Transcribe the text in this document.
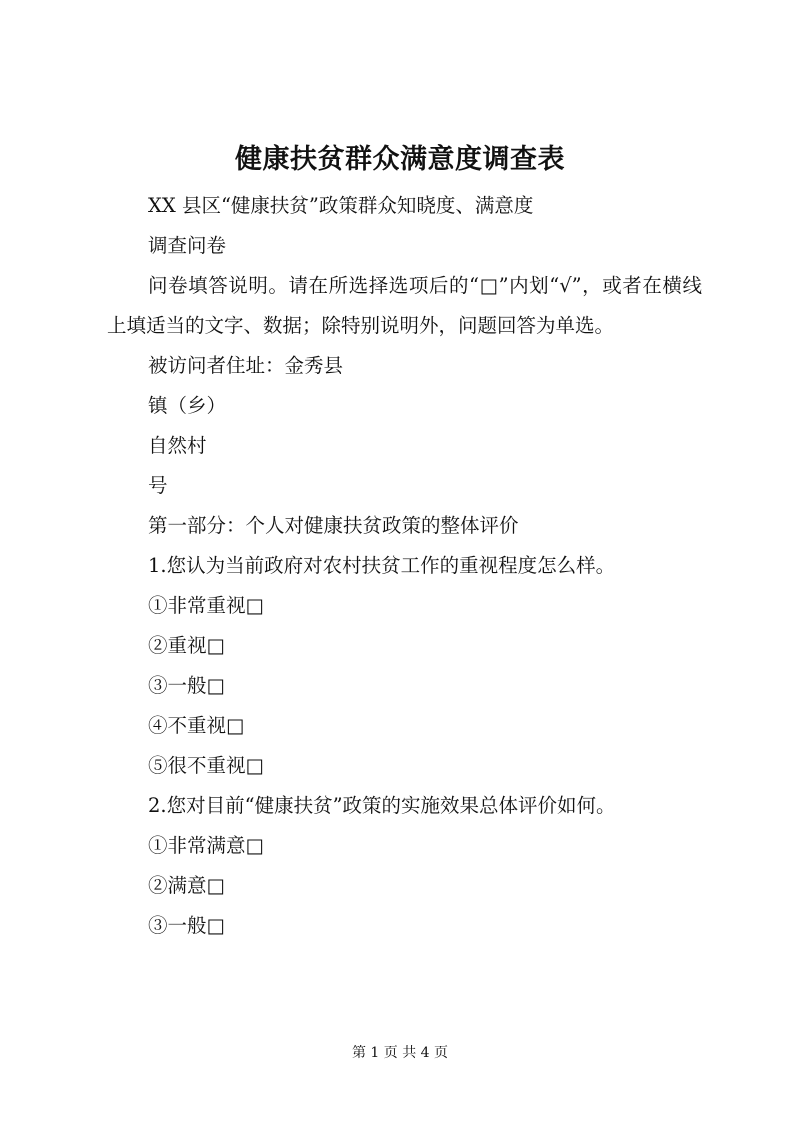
健康扶贫群众满意度调查表
XX 县区“健康扶贫”政策群众知晓度、满意度
调查问卷
问卷填答说明。请在所选择选项后的“□”内划“√”，或者在横线上填适当的文字、数据；除特别说明外，问题回答为单选。
被访问者住址：金秀县
镇（乡）
自然村
号
第一部分：个人对健康扶贫政策的整体评价
1.您认为当前政府对农村扶贫工作的重视程度怎么样。
①非常重视□
②重视□
③一般□
④不重视□
⑤很不重视□
2.您对目前“健康扶贫”政策的实施效果总体评价如何。
①非常满意□
②满意□
③一般□
第 1 页 共 4 页
